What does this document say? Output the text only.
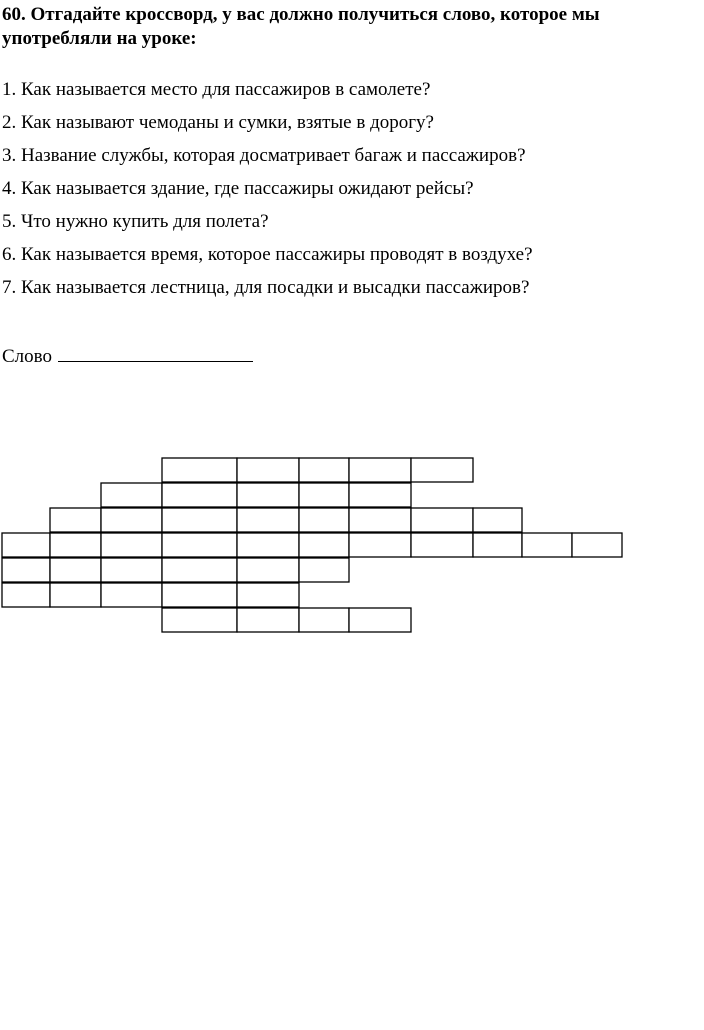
60. Отгадайте кроссворд, у вас должно получиться слово, которое мы употребляли на уроке:
1. Как называется место для пассажиров в самолете?
2. Как называют чемоданы и сумки, взятые в дорогу?
3. Название службы, которая досматривает багаж и пассажиров?
4. Как называется здание, где пассажиры ожидают рейсы?
5. Что нужно купить для полета?
6. Как называется время, которое пассажиры проводят в воздухе?
7. Как называется лестница, для посадки и высадки пассажиров?
Слово
